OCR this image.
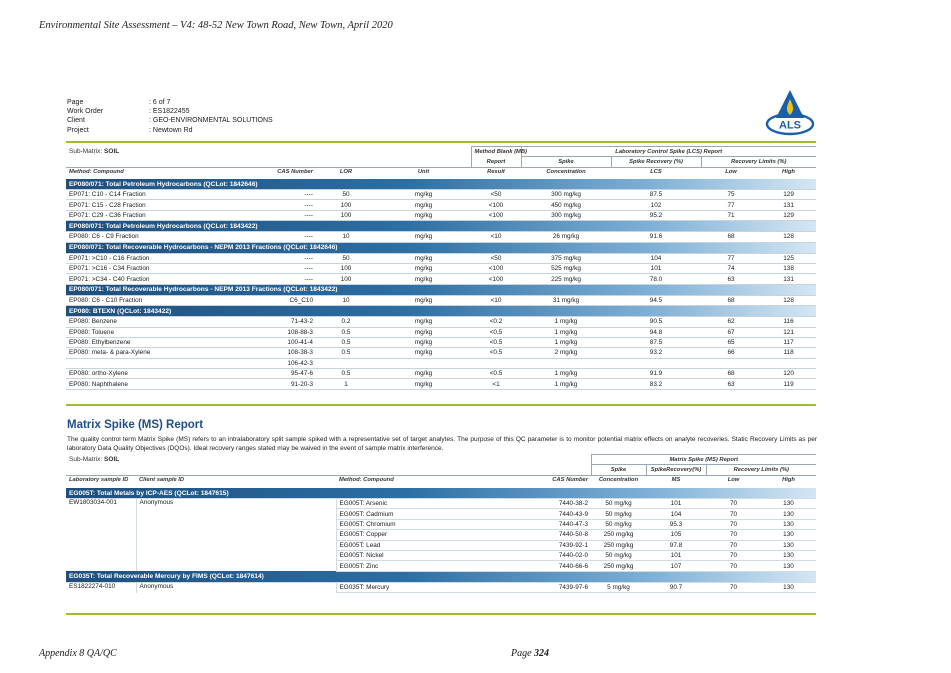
Environmental Site Assessment – V4: 48-52 New Town Road, New Town, April 2020
Page	: 6 of 7
Work Order	: ES1822455
Client	: GEO-ENVIRONMENTAL SOLUTIONS
Project	: Newtown Rd	ALS
Sub-Matrix: SOIL				Method Blank (MB)	Laboratory Control Spike (LCS) Report			
				Report	Spike	Spike Recovery (%)	Recovery Limits (%)	
Method: Compound	CAS Number	LOR	Unit	Result	Concentration	LCS	Low	High
EP080/071: Total Petroleum Hydrocarbons (QCLot: 1842646)								
EP071: C10 - C14 Fraction	----	50	mg/kg	<50	300 mg/kg	87.5	75	129
EP071: C15 - C28 Fraction	----	100	mg/kg	<100	450 mg/kg	102	77	131
EP071: C29 - C36 Fraction	----	100	mg/kg	<100	300 mg/kg	95.2	71	129
EP080/071: Total Petroleum Hydrocarbons (QCLot: 1843422)								
EP080: C6 - C9 Fraction	----	10	mg/kg	<10	26 mg/kg	91.6	68	128
EP080/071: Total Recoverable Hydrocarbons - NEPM 2013 Fractions (QCLot: 1842646)								
EP071: >C10 - C16 Fraction	----	50	mg/kg	<50	375 mg/kg	104	77	125
EP071: >C16 - C34 Fraction	----	100	mg/kg	<100	525 mg/kg	101	74	138
EP071: >C34 - C40 Fraction	----	100	mg/kg	<100	225 mg/kg	78.0	63	131
EP080/071: Total Recoverable Hydrocarbons - NEPM 2013 Fractions (QCLot: 1843422)								
EP080: C6 - C10 Fraction	C6_C10	10	mg/kg	<10	31 mg/kg	94.5	68	128
EP080: BTEXN (QCLot: 1843422)								
EP080: Benzene	71-43-2	0.2	mg/kg	<0.2	1 mg/kg	90.5	62	116
EP080: Toluene	108-88-3	0.5	mg/kg	<0.5	1 mg/kg	94.8	67	121
EP080: Ethylbenzene	100-41-4	0.5	mg/kg	<0.5	1 mg/kg	87.5	65	117
EP080: meta- & para-Xylene	108-38-3	0.5	mg/kg	<0.5	2 mg/kg	93.2	66	118
	106-42-3							
EP080: ortho-Xylene	95-47-6	0.5	mg/kg	<0.5	1 mg/kg	91.9	68	120
EP080: Naphthalene	91-20-3	1	mg/kg	<1	1 mg/kg	83.2	63	119
Matrix Spike (MS) Report
The quality control term Matrix Spike (MS) refers to an intralaboratory split sample spiked with a representative set of target analytes. The purpose of this QC parameter is to monitor potential matrix effects on analyte recoveries. Static Recovery Limits as per laboratory Data Quality Objectives (DQOs). Ideal recovery ranges stated may be waived in the event of sample matrix interference.
Sub-Matrix: SOIL				Matrix Spike (MS) Report			
				Spike	SpikeRecovery(%)	Recovery Limits (%)	
Laboratory sample ID	Client sample ID	Method: Compound	CAS Number	Concentration	MS	Low	High
EG005T: Total Metals by ICP-AES (QCLot: 1847615)							
EW1803034-001	Anonymous	EG005T: Arsenic	7440-38-2	50 mg/kg	101	70	130
		EG005T: Cadmium	7440-43-9	50 mg/kg	104	70	130
		EG005T: Chromium	7440-47-3	50 mg/kg	95.3	70	130
		EG005T: Copper	7440-50-8	250 mg/kg	105	70	130
		EG005T: Lead	7439-92-1	250 mg/kg	97.8	70	130
		EG005T: Nickel	7440-02-0	50 mg/kg	101	70	130
		EG005T: Zinc	7440-66-6	250 mg/kg	107	70	130
EG035T: Total Recoverable Mercury by FIMS (QCLot: 1847614)							
ES1822274-010	Anonymous	EG035T: Mercury	7439-97-6	5 mg/kg	90.7	70	130
Appendix 8 QA/QC	Page 324
